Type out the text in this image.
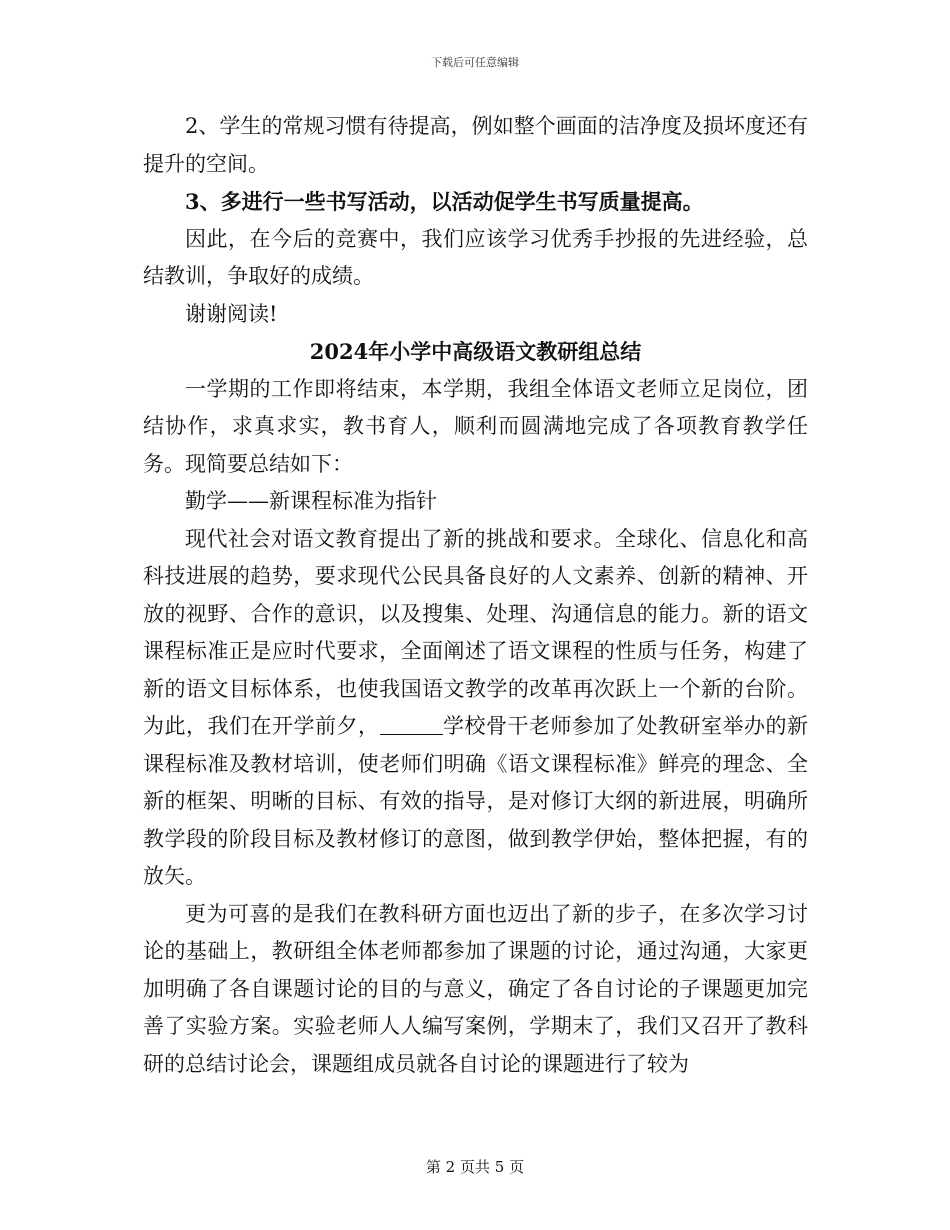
下载后可任意编辑

2、学生的常规习惯有待提高，例如整个画面的洁净度及损坏度还有提升的空间。

3、多进行一些书写活动，以活动促学生书写质量提高。

因此，在今后的竞赛中，我们应该学习优秀手抄报的先进经验，总结教训，争取好的成绩。

谢谢阅读!

2024年小学中高级语文教研组总结

一学期的工作即将结束，本学期，我组全体语文老师立足岗位，团结协作，求真求实，教书育人，顺利而圆满地完成了各项教育教学任务。现简要总结如下：

勤学——新课程标准为指针

现代社会对语文教育提出了新的挑战和要求。全球化、信息化和高科技进展的趋势，要求现代公民具备良好的人文素养、创新的精神、开放的视野、合作的意识，以及搜集、处理、沟通信息的能力。新的语文课程标准正是应时代要求，全面阐述了语文课程的性质与任务，构建了新的语文目标体系，也使我国语文教学的改革再次跃上一个新的台阶。为此，我们在开学前夕，	学校骨干老师参加了处教研室举办的新课程标准及教材培训，使老师们明确《语文课程标准》鲜亮的理念、全新的框架、明晰的目标、有效的指导，是对修订大纲的新进展，明确所教学段的阶段目标及教材修订的意图，做到教学伊始，整体把握，有的放矢。

更为可喜的是我们在教科研方面也迈出了新的步子，在多次学习讨论的基础上，教研组全体老师都参加了课题的讨论，通过沟通，大家更加明确了各自课题讨论的目的与意义，确定了各自讨论的子课题更加完善了实验方案。实验老师人人编写案例，学期末了，我们又召开了教科研的总结讨论会，课题组成员就各自讨论的课题进行了较为

第 2 页共 5 页
